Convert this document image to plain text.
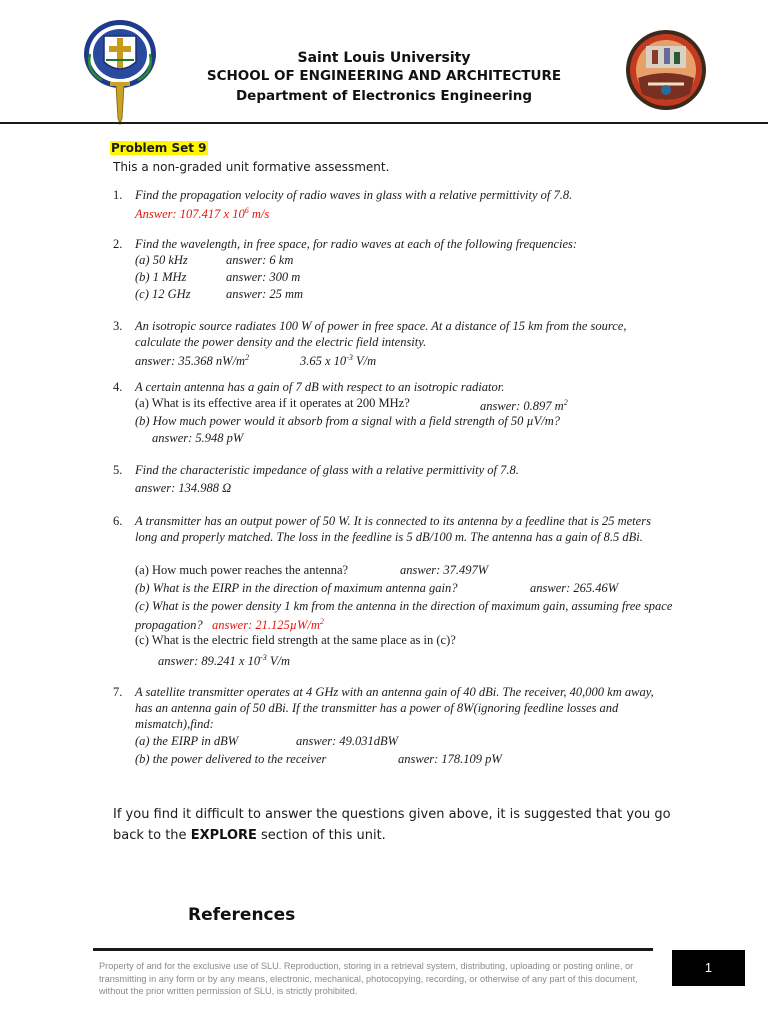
Saint Louis University
SCHOOL OF ENGINEERING AND ARCHITECTURE
Department of Electronics Engineering
Problem Set 9
This a non-graded unit formative assessment.
1. Find the propagation velocity of radio waves in glass with a relative permittivity of 7.8.
Answer: 107.417 x $10^6$ m/s
2. Find the wavelength, in free space, for radio waves at each of the following frequencies:
(a) 50 kHz	answer: 6 km
(b) 1 MHz	answer: 300 m
(c) 12 GHz	answer: 25 mm
3. An isotropic source radiates 100 W of power in free space. At a distance of 15 km from the source, calculate the power density and the electric field intensity.
answer: 35.368 $nW/m^2$	3.65 x $10^{-3}$ V/m
4. A certain antenna has a gain of 7 dB with respect to an isotropic radiator.
(a) What is its effective area if it operates at 200 MHz?	answer: 0.897 $m^2$
(b) How much power would it absorb from a signal with a field strength of 50 µV/m?
answer: 5.948 pW
5. Find the characteristic impedance of glass with a relative permittivity of 7.8.
answer: 134.988 Ω
6. A transmitter has an output power of 50 W. It is connected to its antenna by a feedline that is 25 meters long and properly matched. The loss in the feedline is 5 dB/100 m. The antenna has a gain of 8.5 dBi.
(a) How much power reaches the antenna?	answer: 37.497W
(b) What is the EIRP in the direction of maximum antenna gain?	answer: 265.46W
(c) What is the power density 1 km from the antenna in the direction of maximum gain, assuming free space propagation? answer: $21.125\mu W/m^2$
(c) What is the electric field strength at the same place as in (c)?
answer: 89.241 x $10^{-3}$ V/m
7. A satellite transmitter operates at 4 GHz with an antenna gain of 40 dBi. The receiver, 40,000 km away, has an antenna gain of 50 dBi. If the transmitter has a power of 8W(ignoring feedline losses and mismatch),find:
(a) the EIRP in dBW	answer: 49.031dBW
(b) the power delivered to the receiver	answer: 178.109 pW
If you find it difficult to answer the questions given above, it is suggested that you go back to the EXPLORE section of this unit.
References
Property of and for the exclusive use of SLU. Reproduction, storing in a retrieval system, distributing, uploading or posting online, or transmitting in any form or by any means, electronic, mechanical, photocopying, recording, or otherwise of any part of this document, without the prior written permission of SLU, is strictly prohibited.
1
